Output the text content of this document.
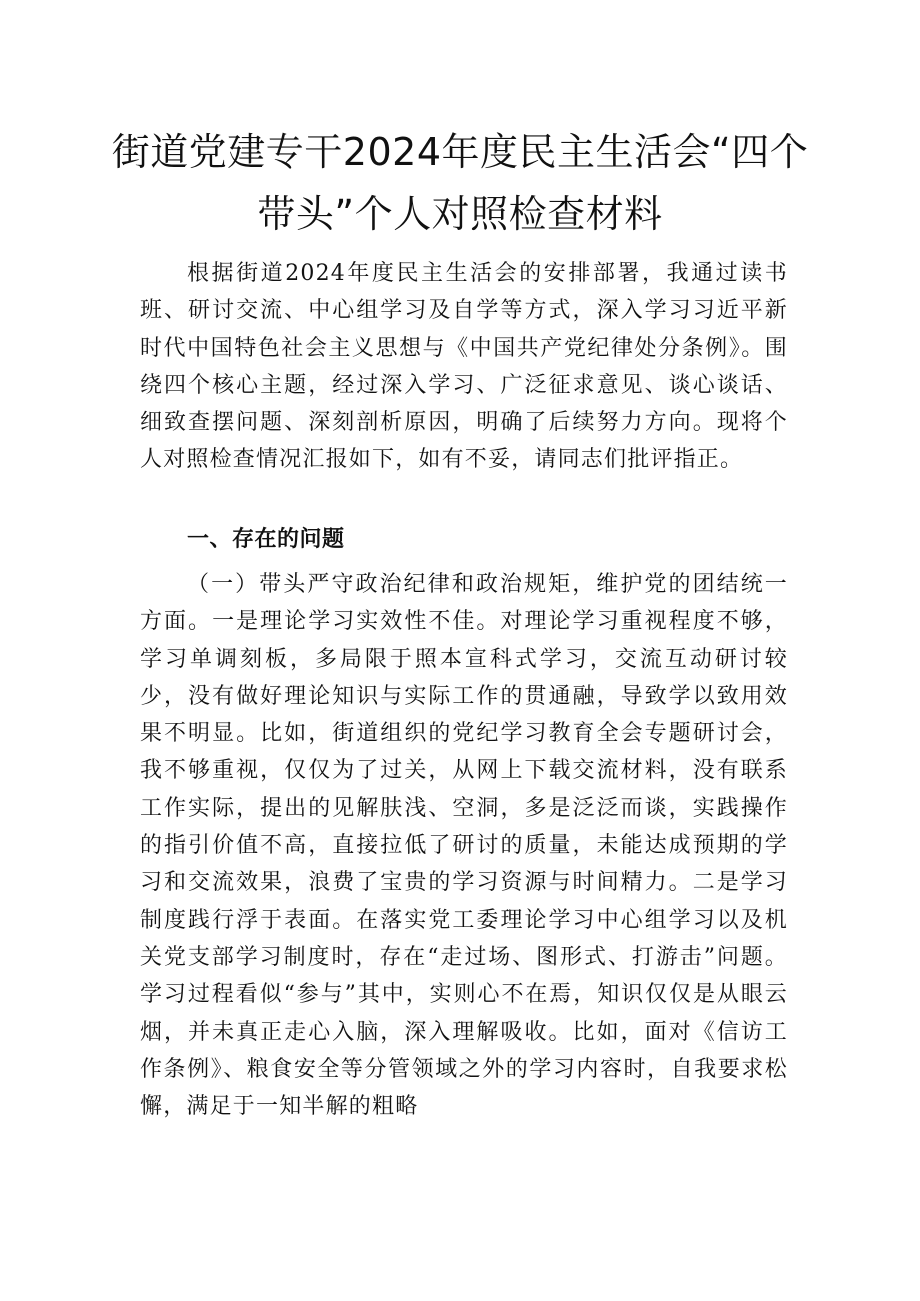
街道党建专干2024年度民主生活会“四个
带头”个人对照检查材料

根据街道2024年度民主生活会的安排部署，我通过读书班、研讨交流、中心组学习及自学等方式，深入学习习近平新时代中国特色社会主义思想与《中国共产党纪律处分条例》。围绕四个核心主题，经过深入学习、广泛征求意见、谈心谈话、细致查摆问题、深刻剖析原因，明确了后续努力方向。现将个人对照检查情况汇报如下，如有不妥，请同志们批评指正。

一、存在的问题

（一）带头严守政治纪律和政治规矩，维护党的团结统一方面。一是理论学习实效性不佳。对理论学习重视程度不够，学习单调刻板，多局限于照本宣科式学习，交流互动研讨较少，没有做好理论知识与实际工作的贯通融，导致学以致用效果不明显。比如，街道组织的党纪学习教育全会专题研讨会，我不够重视，仅仅为了过关，从网上下载交流材料，没有联系工作实际，提出的见解肤浅、空洞，多是泛泛而谈，实践操作的指引价值不高，直接拉低了研讨的质量，未能达成预期的学习和交流效果，浪费了宝贵的学习资源与时间精力。二是学习制度践行浮于表面。在落实党工委理论学习中心组学习以及机关党支部学习制度时，存在“走过场、图形式、打游击”问题。学习过程看似“参与”其中，实则心不在焉，知识仅仅是从眼云烟，并未真正走心入脑，深入理解吸收。比如，面对《信访工作条例》、粮食安全等分管领域之外的学习内容时，自我要求松懈，满足于一知半解的粗略
